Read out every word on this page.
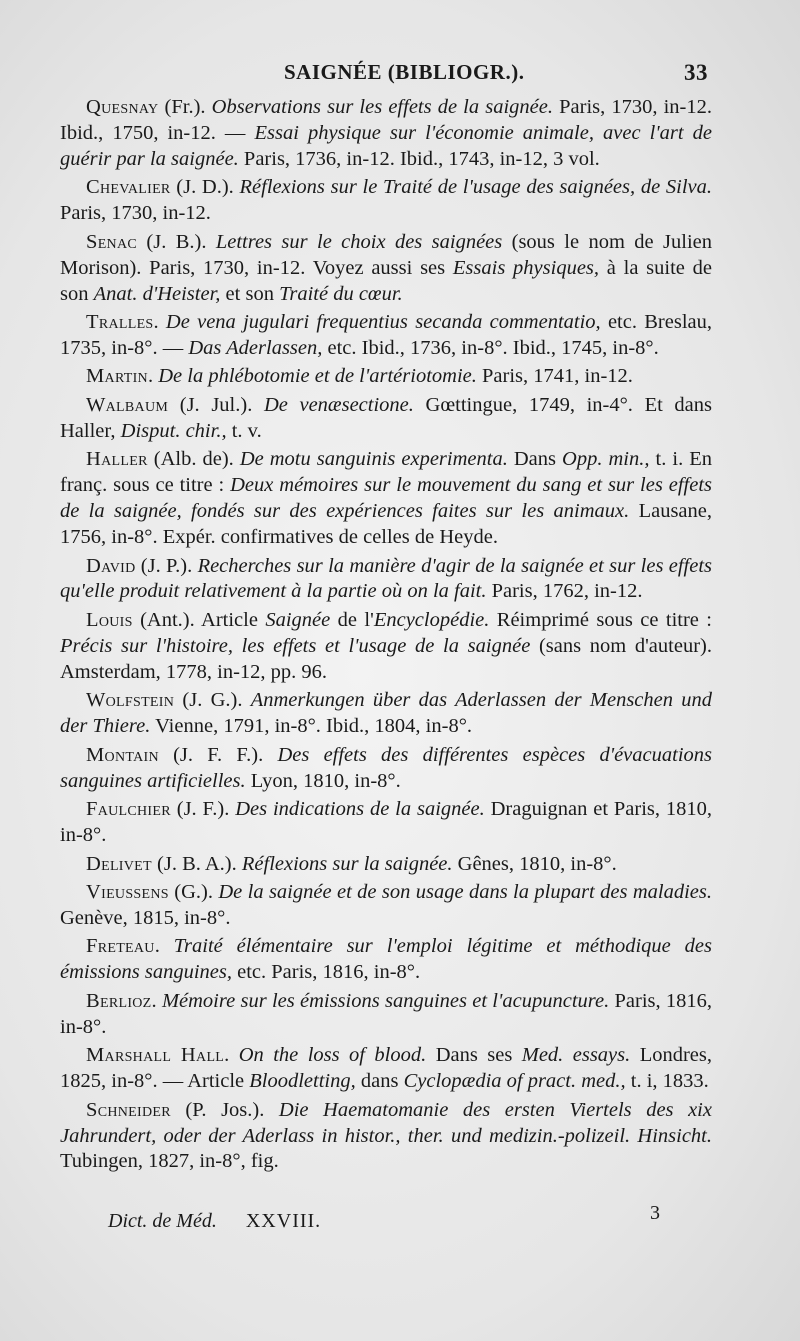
SAIGNÉE (BIBLIOGR.).	33

Quesnay (Fr.). Observations sur les effets de la saignée. Paris, 1730, in-12. Ibid., 1750, in-12. — Essai physique sur l'économie animale, avec l'art de guérir par la saignée. Paris, 1736, in-12. Ibid., 1743, in-12, 3 vol.

Chevalier (J. D.). Réflexions sur le Traité de l'usage des saignées, de Silva. Paris, 1730, in-12.

Senac (J. B.). Lettres sur le choix des saignées (sous le nom de Julien Morison). Paris, 1730, in-12. Voyez aussi ses Essais physiques, à la suite de son Anat. d'Heister, et son Traité du cœur.

Tralles. De vena jugulari frequentius secanda commentatio, etc. Breslau, 1735, in-8°. — Das Aderlassen, etc. Ibid., 1736, in-8°. Ibid., 1745, in-8°.

Martin. De la phlébotomie et de l'artériotomie. Paris, 1741, in-12.

Walbaum (J. Jul.). De venæsectione. Gœttingue, 1749, in-4°. Et dans Haller, Disput. chir., t. v.

Haller (Alb. de). De motu sanguinis experimenta. Dans Opp. min., t. i. En franç. sous ce titre : Deux mémoires sur le mouvement du sang et sur les effets de la saignée, fondés sur des expériences faites sur les animaux. Lausane, 1756, in-8°. Expér. confirmatives de celles de Heyde.

David (J. P.). Recherches sur la manière d'agir de la saignée et sur les effets qu'elle produit relativement à la partie où on la fait. Paris, 1762, in-12.

Louis (Ant.). Article Saignée de l'Encyclopédie. Réimprimé sous ce titre : Précis sur l'histoire, les effets et l'usage de la saignée (sans nom d'auteur). Amsterdam, 1778, in-12, pp. 96.

Wolfstein (J. G.). Anmerkungen über das Aderlassen der Menschen und der Thiere. Vienne, 1791, in-8°. Ibid., 1804, in-8°.

Montain (J. F. F.). Des effets des différentes espèces d'évacuations sanguines artificielles. Lyon, 1810, in-8°.

Faulchier (J. F.). Des indications de la saignée. Draguignan et Paris, 1810, in-8°.

Delivet (J. B. A.). Réflexions sur la saignée. Gênes, 1810, in-8°.

Vieussens (G.). De la saignée et de son usage dans la plupart des maladies. Genève, 1815, in-8°.

Freteau. Traité élémentaire sur l'emploi légitime et méthodique des émissions sanguines, etc. Paris, 1816, in-8°.

Berlioz. Mémoire sur les émissions sanguines et l'acupuncture. Paris, 1816, in-8°.

Marshall Hall. On the loss of blood. Dans ses Med. essays. Londres, 1825, in-8°. — Article Bloodletting, dans Cyclopædia of pract. med., t. i, 1833.

Schneider (P. Jos.). Die Haematomanie des ersten Viertels des xix Jahrundert, oder der Aderlass in histor., ther. und medizin.-polizeil. Hinsicht. Tubingen, 1827, in-8°, fig.

Dict. de Méd. XXVIII.	3
